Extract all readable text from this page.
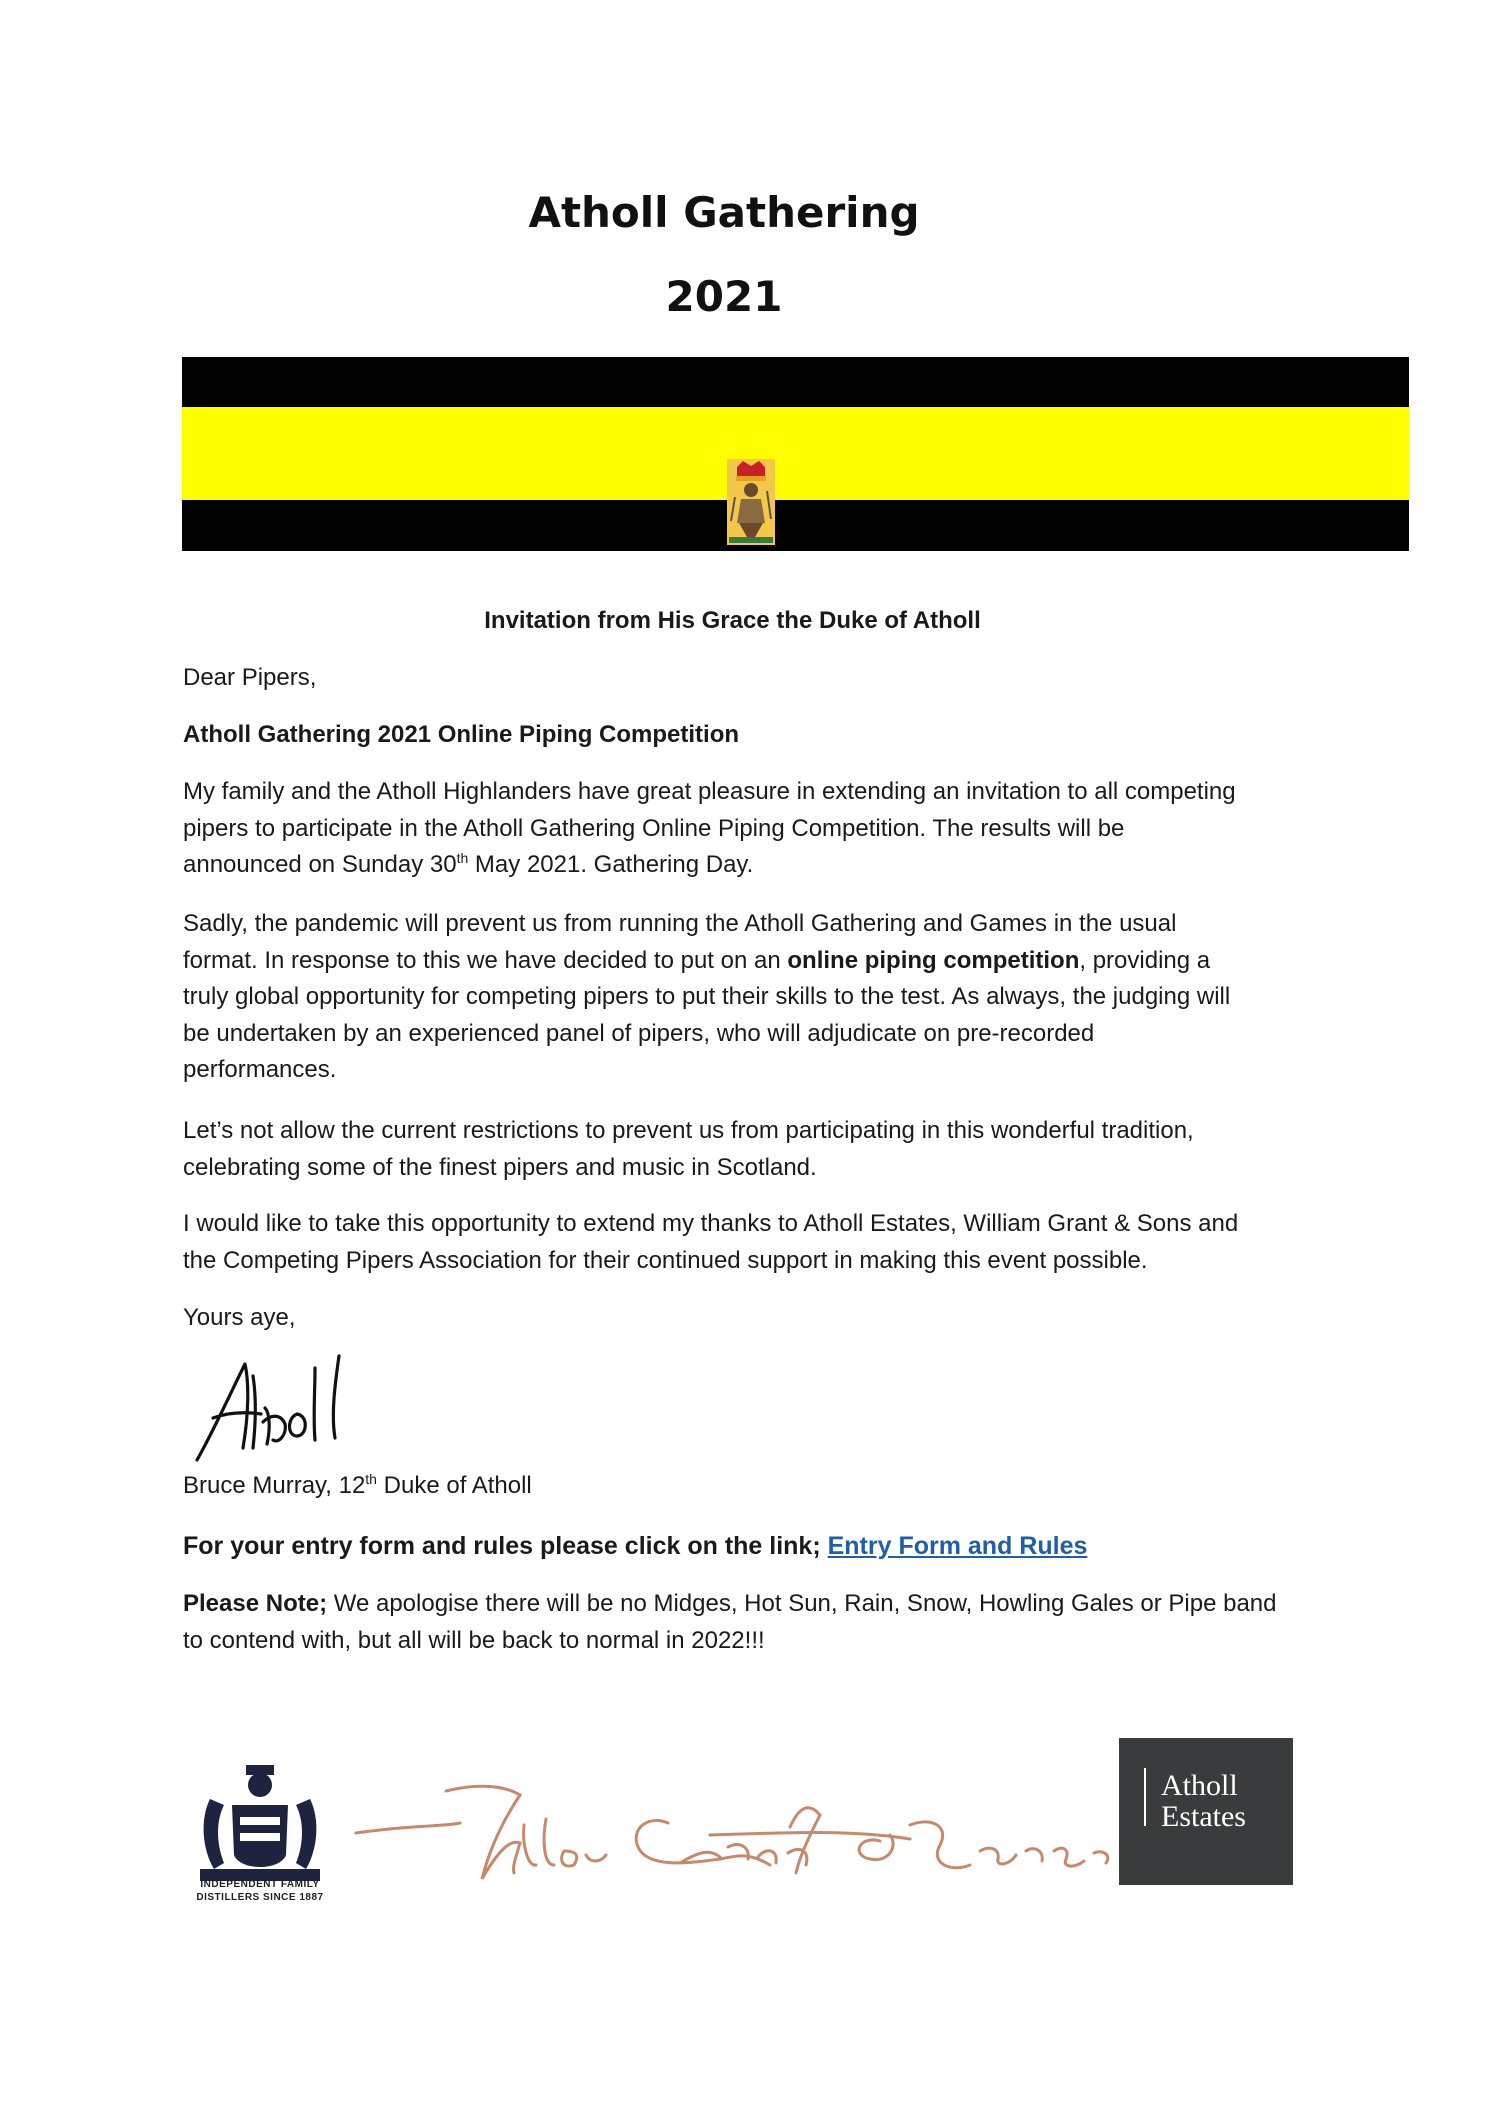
Atholl Gathering
2021
Invitation from His Grace the Duke of Atholl
Dear Pipers,
Atholl Gathering 2021 Online Piping Competition
My family and the Atholl Highlanders have great pleasure in extending an invitation to all competing
pipers to participate in the Atholl Gathering Online Piping Competition. The results will be
announced on Sunday 30th May 2021. Gathering Day.
Sadly, the pandemic will prevent us from running the Atholl Gathering and Games in the usual
format. In response to this we have decided to put on an online piping competition, providing a
truly global opportunity for competing pipers to put their skills to the test. As always, the judging will
be undertaken by an experienced panel of pipers, who will adjudicate on pre-recorded
performances.
Let’s not allow the current restrictions to prevent us from participating in this wonderful tradition,
celebrating some of the finest pipers and music in Scotland.
I would like to take this opportunity to extend my thanks to Atholl Estates, William Grant & Sons and
the Competing Pipers Association for their continued support in making this event possible.
Yours aye,
Bruce Murray, 12th Duke of Atholl
For your entry form and rules please click on the link; Entry Form and Rules
Please Note; We apologise there will be no Midges, Hot Sun, Rain, Snow, Howling Gales or Pipe band
to contend with, but all will be back to normal in 2022!!!
INDEPENDENT FAMILY
DISTILLERS SINCE 1887
Atholl
Estates
